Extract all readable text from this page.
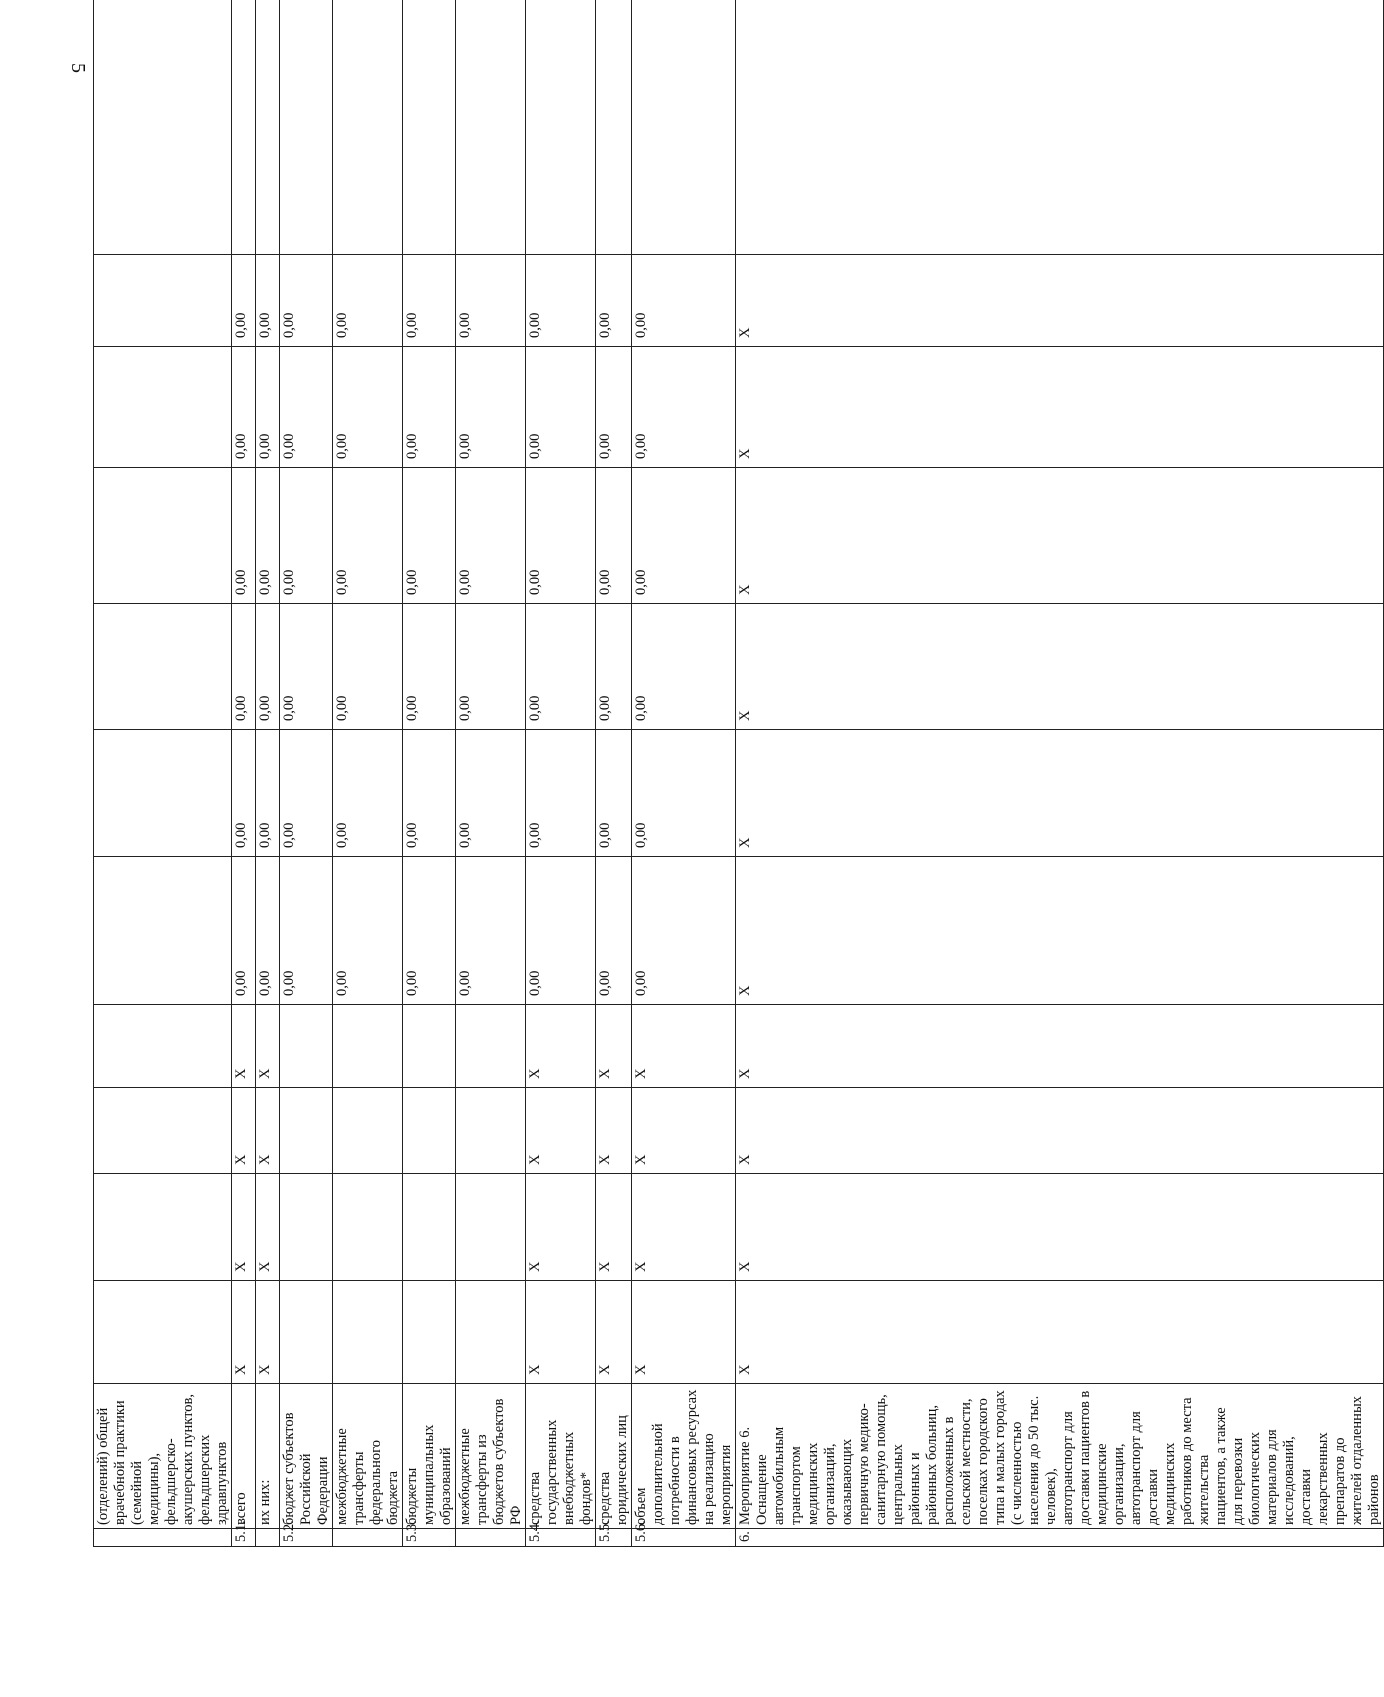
5
	(отделений) общей врачебной практики (семейной медицины), фельдшерско-акушерских пунктов, фельдшерских здравпунктов											
5.1.	всего	X	X	X	X	0,00	0,00	0,00	0,00	0,00	0,00	
	их них:	X	X	X	X	0,00	0,00	0,00	0,00	0,00	0,00	
5.2.	бюджет субъектов Российской Федерации					0,00	0,00	0,00	0,00	0,00	0,00	
	межбюджетные трансферты федерального бюджета					0,00	0,00	0,00	0,00	0,00	0,00	
5.3.	бюджеты муниципальных образований					0,00	0,00	0,00	0,00	0,00	0,00	
	межбюджетные трансферты из бюджетов субъектов РФ					0,00	0,00	0,00	0,00	0,00	0,00	
5.4.	средства государственных внебюджетных фондов*	X	X	X	X	0,00	0,00	0,00	0,00	0,00	0,00	
5.5.	средства юридических лиц	X	X	X	X	0,00	0,00	0,00	0,00	0,00	0,00	
5.6.	объем дополнительной потребности в финансовых ресурсах на реализацию мероприятия	X	X	X	X	0,00	0,00	0,00	0,00	0,00	0,00	
6.	Мероприятие 6. Оснащение автомобильным транспортом медицинских организаций, оказывающих первичную медико-санитарную помощь, центральных районных и районных больниц, расположенных в сельской местности, поселках городского типа и малых городах (с численностью населения до 50 тыс. человек), автотранспорт для доставки пациентов в медицинские организации, автотранспорт для доставки медицинских работников до места жительства пациентов, а также для перевозки биологических материалов для исследований, доставки лекарственных препаратов до жителей отдаленных районов	X	X	X	X	X	X	X	X	X	X	
